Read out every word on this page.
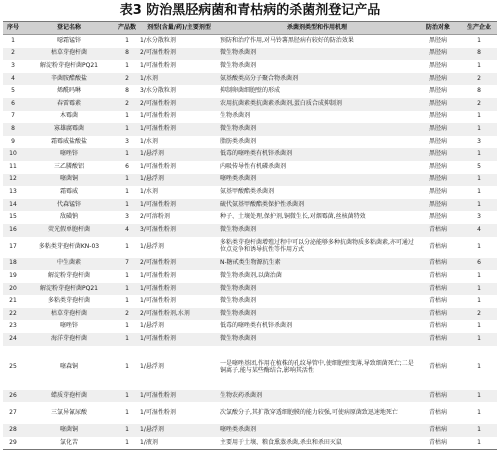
表3 防治黑胫病菌和青枯病的杀菌剂登记产品
序号	登记名称	产品数	剂型(含量/药)/主要剂型	杀菌剂类型和作用机理	防治对象	生产企业
1	噁霜锰锌	1	1/水分散粒剂	预防和治疗作用,对马铃薯黑胫病有较好的防治效果	黑胫病	1
2	枯草芽孢杆菌	8	2/可湿性粉剂	微生物杀菌剂	黑胫病	8
3	解淀粉芽孢杆菌PQ21	1	1/可湿性粉剂	微生物杀菌剂	黑胫病	1
4	辛菌胺醋酸盐	2	1/水剂	氨基酸类高分子聚合物杀菌剂	黑胫病	2
5	烯酰吗啉	8	3/水分散粒剂	抑制卵菌细胞壁的形成	黑胫病	8
6	春雷霉素	2	2/可湿性粉剂	农用抗菌素类抗菌素杀菌剂,蛋白质合成抑制剂	黑胫病	2
7	木霉菌	1	1/可湿性粉剂	生物杀菌剂	黑胫病	1
8	寡雄腐霉菌	1	1/可湿性粉剂	微生物杀菌剂	黑胫病	1
9	霜霉威盐酸盐	3	1/水剂	脂肪类杀菌剂	黑胫病	3
10	噻唑锌	1	1/悬浮剂	低毒的噻唑类有机锌杀菌剂	黑胫病	1
11	三乙膦酸铝	6	1/可湿性粉剂	内吸传导性有机磷杀菌剂	黑胫病	5
12	噻菌铜	1	1/悬浮剂	噻唑类杀菌剂	黑胫病	1
13	霜霉威	1	1/水剂	氨基甲酸酯类杀菌剂	黑胫病	1
14	代森锰锌	1	1/可湿性粉剂	硫代氨基甲酸酯类保护性杀菌剂	黑胫病	1
15	敌磺钠	3	2/可溶粉剂	种子、土壤处理,保护剂,铜微生长,对烟霉菌,丝核菌特效	黑胫病	3
16	荧光假单胞杆菌	4	3/可湿性粉剂	微生物杀菌剂	青枯病	4
17	多粘类芽孢杆菌KN-03	1	1/悬浮剂	多粘类芽孢杆菌增殖过程中可以分泌能够多种抗菌物质多粘菌素,亦可通过位点竞争和诱导抗性等作用方式	青枯病	1
18	中生菌素	7	2/可湿性粉剂	N-糖甙类生物源抗生素	青枯病	6
19	解淀粉芽孢杆菌	1	1/可湿性粉剂	微生物杀菌剂,以菌治菌	青枯病	1
20	解淀粉芽孢杆菌PQ21	1	1/可湿性粉剂	微生物杀菌剂	青枯病	1
21	多粘类芽孢杆菌	1	1/可湿性粉剂	微生物杀菌剂	青枯病	1
22	枯草芽孢杆菌	2	2/可湿性粉剂,水剂	微生物杀菌剂	青枯病	2
23	噻唑锌	1	1/悬浮剂	低毒的噻唑类有机锌杀菌剂	青枯病	1
24	海洋芽孢杆菌	1	1/可湿性粉剂	微生物杀菌剂	青枯病	1
25	噻森铜	1	1/悬浮剂	一是噻唑基团,作用在植株的孔纹导管中,使细胞壁变薄,导致细菌死亡;二是铜离子,能与某些酶结合,影响其活性	青枯病	1
26	蜡质芽孢杆菌	1	1/可湿性粉剂	生物农药杀菌剂	青枯病	1
27	三氯异氰尿酸	1	1/可湿性粉剂	次氯酸分子,其扩散穿透细胞膜的能力较强,可使病原菌致迅速地死亡	青枯病	1
28	噻菌铜	1	1/悬浮剂	噻唑类杀菌剂	青枯病	1
29	氯化苦	1	1/液剂	主要用于土壤、粮食熏蒸杀菌,杀虫和杀田灭鼠	青枯病	1
